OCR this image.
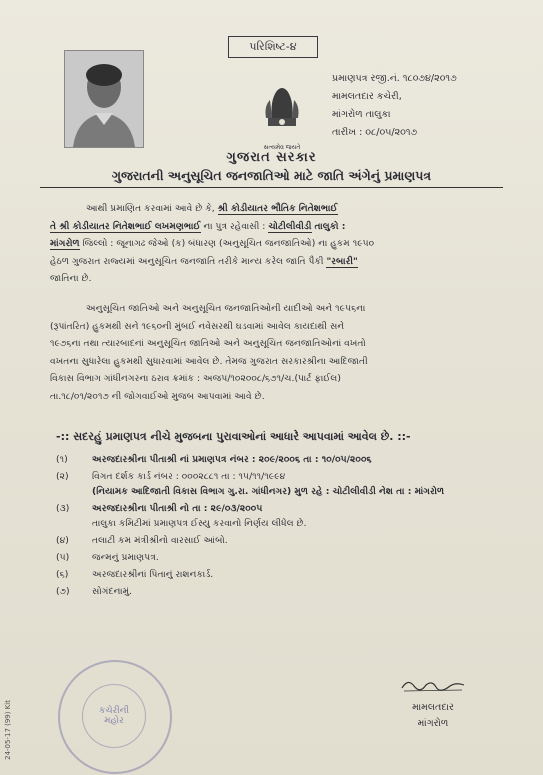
પરિશિષ્ટ-૪
સત્યમેવ જયતે
પ્રમાણપત્ર રજી.નં. ૧૮૦૭૪/૨૦૧૭
મામલતદાર કચેરી,
માંગરોળ તાલુકા
તારીખ : ૦૮/૦૫/૨૦૧૭
ગુજરાત સરકાર
ગુજરાતની અનુસૂચિત જનજાતિઓ માટે જાતિ અંગેનું પ્રમાણપત્ર
આથી પ્રમાણિત કરવામાં આવે છે કે, શ્રી કોડીયાતર ભૌતિક નિતેશભાઈ
તે શ્રી કોડીયાતર નિતેશભાઈ લખમણભાઈ ના પુત્ર રહેવાસી : ચોટીલીવીડી તાલુકો :
માંગરોળ જિલ્લો : જૂનાગઢ જેઓ (ક) બંધારણ (અનુસૂચિત જનજાતિઓ) ના હુકમ ૧૯૫૦
હેઠળ ગુજરાત રાજ્યમાં અનુસૂચિત જનજાતિ તરીકે માન્ય કરેલ જાતિ પૈકી "રબારી"
જાતિના છે.
અનુસૂચિત જાતિઓ અને અનુસૂચિત જનજાતિઓની યાદીઓ અને ૧૯૫૬ના
(રૂપાંતરિત) હુકમથી સને ૧૯૬૦ની મુંબઈ નવેસરથી ઘડવામાં આવેલ કાયદાથી સને
૧૯૭૬ના તથા ત્યારબાદનાં અનુસૂચિત જાતિઓ અને અનુસૂચિત જનજાતિઓનાં વખતો
વખતના સુધારેલા હુકમથી સુધારવામાં આવેલ છે. તેમજ ગુજરાત સરકારશ્રીના આદિજાતી
વિકાસ વિભાગ ગાંધીનગરના ઠરાવ ક્રમાંક : અજપ/૧૦૨૦૦૮/૬૭૧/ચ.(પાર્ટ ફાઈલ)
તા.૧૮/૦૧/૨૦૧૭ ની જોગવાઈઓ મુજબ આપવામાં આવે છે.
-:: સદરહું પ્રમાણપત્ર નીચે મુજબના પુરાવાઓનાં આધારે આપવામાં આવેલ છે. ::-
(૧)	અરજદારશ્રીના પીતાશ્રી નાં પ્રમાણપત્ર નંબર : ૨૦૯/૨૦૦૬ તા : ૧૦/૦૫/૨૦૦૬
(૨)	વિગત દર્શક કાર્ડ નંબર : ૦૦૦૨૮૮૧ તા : ૧૫/૧૧/૧૯૯૪
(નિયામક આદિજાતી વિકાસ વિભાગ ગુ.રા. ગાંધીનગર) મુળ રહે : ચોટીલીવીડી નેશ તા : માંગરોળ
(૩)	અરજદારશ્રીના પીતાશ્રી નો તા : ૨૯/૦૩/૨૦૦૫
તાલુકા કમિટીમાં પ્રમાણપત્ર ઈસ્યુ કરવાનો નિર્ણય લીધેલ છે.
(૪)	તલાટી કમ મંત્રીશ્રીનો વારસાઈ આંબો.
(૫)	જન્મનું પ્રમાણપત્ર.
(૬)	અરજદારશ્રીનાં પિતાનું રાશનકાર્ડ.
(૭)	સોગંદનામું.
કચેરીની
મહોર
મામલતદાર
માંગરોળ
24-05-17 (99) Kit
